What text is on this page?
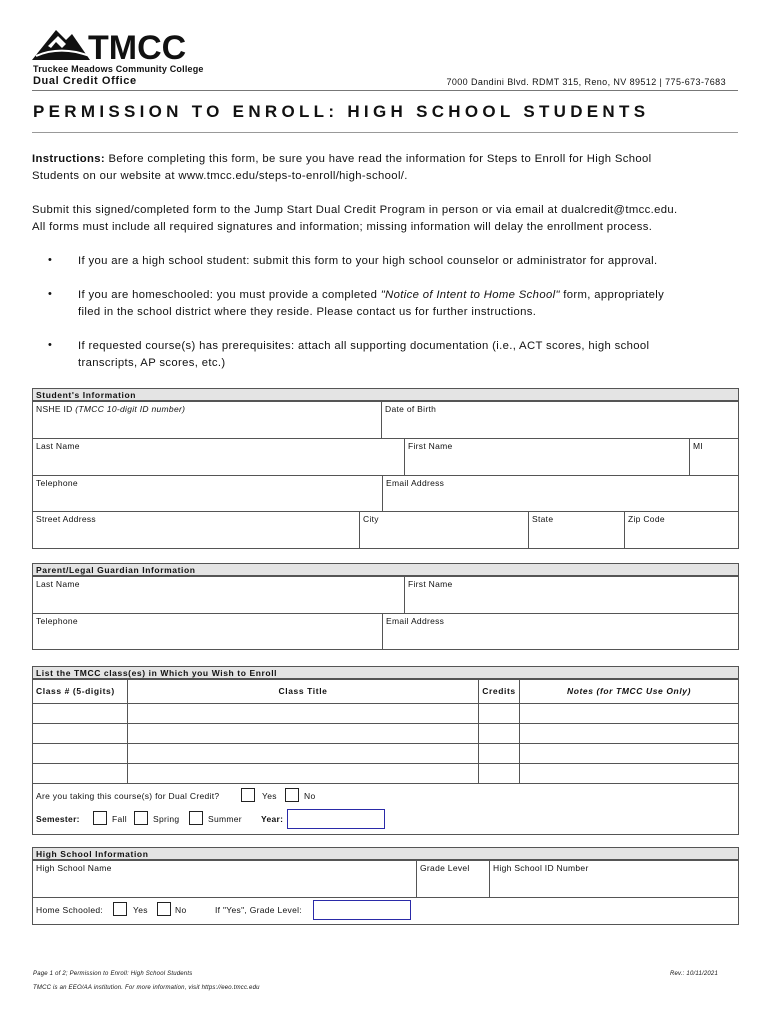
TMCC
Truckee Meadows Community College
Dual Credit Office	7000 Dandini Blvd. RDMT 315, Reno, NV 89512 | 775-673-7683
PERMISSION TO ENROLL: HIGH SCHOOL STUDENTS
Instructions: Before completing this form, be sure you have read the information for Steps to Enroll for High School
Students on our website at www.tmcc.edu/steps-to-enroll/high-school/.
Submit this signed/completed form to the Jump Start Dual Credit Program in person or via email at dualcredit@tmcc.edu.
All forms must include all required signatures and information; missing information will delay the enrollment process.
• If you are a high school student: submit this form to your high school counselor or administrator for approval.
• If you are homeschooled: you must provide a completed "Notice of Intent to Home School" form, appropriately
filed in the school district where they reside. Please contact us for further instructions.
• If requested course(s) has prerequisites: attach all supporting documentation (i.e., ACT scores, high school
transcripts, AP scores, etc.)
Student's Information
NSHE ID (TMCC 10-digit ID number)	Date of Birth
Last Name	First Name	MI
Telephone	Email Address
Street Address	City	State	Zip Code
Parent/Legal Guardian Information
Last Name	First Name
Telephone	Email Address
List the TMCC class(es) in Which you Wish to Enroll
Class # (5-digits)	Class Title	Credits	Notes (for TMCC Use Only)
Are you taking this course(s) for Dual Credit?	Yes	No
Semester:	Fall	Spring	Summer Year:
High School Information
High School Name	Grade Level	High School ID Number
Home Schooled:	Yes	No	If "Yes", Grade Level:
Page 1 of 2; Permission to Enroll: High School Students	Rev.: 10/11/2021
TMCC is an EEO/AA institution. For more information, visit https://eeo.tmcc.edu
